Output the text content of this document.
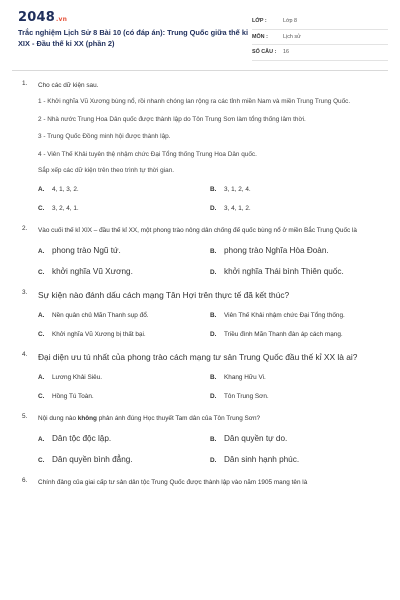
2048.vn
Trắc nghiệm Lịch Sử 8 Bài 10 (có đáp án): Trung Quốc giữa thế kỉ XIX - Đầu thế kỉ XX (phần 2)
LỚP :	Lớp 8
MÔN :	Lịch sử
SỐ CÂU :	16
1. Cho các dữ kiện sau.
1 - Khởi nghĩa Vũ Xương bùng nổ, rồi nhanh chóng lan rộng ra các tỉnh miền Nam và miền Trung Trung Quốc.
2 - Nhà nước Trung Hoa Dân quốc được thành lập do Tôn Trung Sơn làm tổng thống lâm thời.
3 - Trung Quốc Đồng minh hội được thành lập.
4 - Viên Thế Khải tuyên thệ nhậm chức Đại Tổng thống Trung Hoa Dân quốc.
Sắp xếp các dữ kiện trên theo trình tự thời gian.
A.	4, 1, 3, 2.	B.	3, 1, 2, 4.
C.	3, 2, 4, 1.	D.	3, 4, 1, 2.
2. Vào cuối thế kỉ XIX – đầu thế kỉ XX, một phong trào nông dân chống đế quốc bùng nổ ở miền Bắc Trung Quốc là
A. phong trào Ngũ tứ.	B. phong trào Nghĩa Hòa Đoàn.
C. khởi nghĩa Vũ Xương.	D. khởi nghĩa Thái bình Thiên quốc.
3. Sự kiện nào đánh dấu cách mạng Tân Hợi trên thực tế đã kết thúc?
A.	Nền quân chủ Mãn Thanh sụp đổ.	B.	Viên Thế Khải nhậm chức Đại Tổng thống.
C.	Khởi nghĩa Vũ Xương bị thất bại.	D.	Triều đình Mãn Thanh đàn áp cách mạng.
4. Đại diện ưu tú nhất của phong trào cách mạng tư sản Trung Quốc đầu thế kỉ XX là ai?
A.	Lương Khải Siêu.	B.	Khang Hữu Vi.
C.	Hồng Tú Toàn.	D.	Tôn Trung Sơn.
5. Nội dung nào không phản ánh đúng Học thuyết Tam dân của Tôn Trung Sơn?
A. Dân tộc độc lập.	B. Dân quyền tự do.
C. Dân quyền bình đẳng.	D. Dân sinh hạnh phúc.
6. Chính đảng của giai cấp tư sản dân tộc Trung Quốc được thành lập vào năm 1905 mang tên là
